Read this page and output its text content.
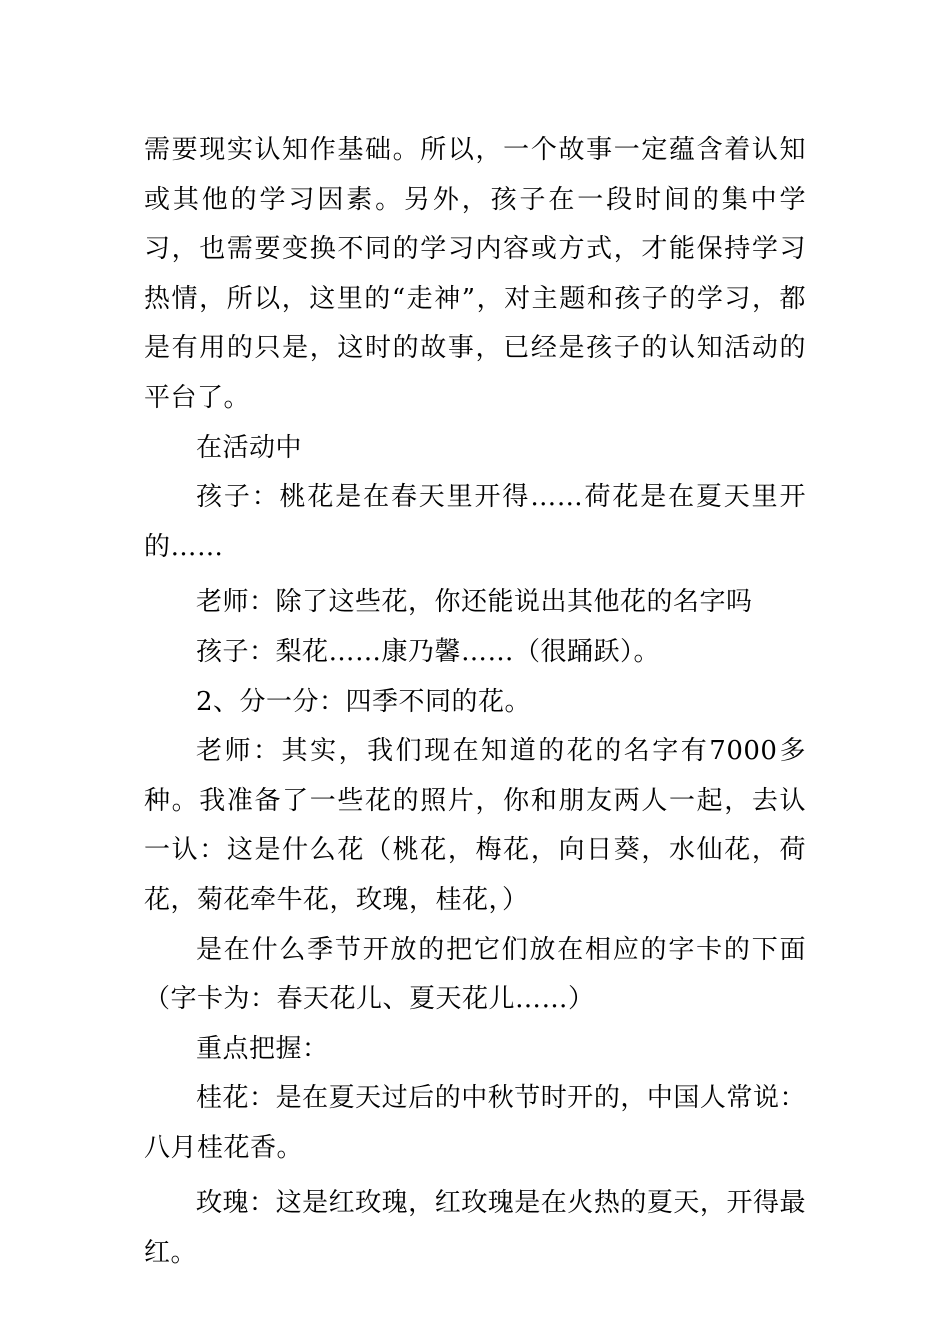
需要现实认知作基础。所以，一个故事一定蕴含着认知或其他的学习因素。另外，孩子在一段时间的集中学习，也需要变换不同的学习内容或方式，才能保持学习热情，所以，这里的“走神”，对主题和孩子的学习，都是有用的只是，这时的故事，已经是孩子的认知活动的平台了。

在活动中

孩子：桃花是在春天里开得……荷花是在夏天里开的……

老师：除了这些花，你还能说出其他花的名字吗

孩子：梨花……康乃馨……（很踊跃）。

2、分一分：四季不同的花。

老师：其实，我们现在知道的花的名字有7000多种。我准备了一些花的照片，你和朋友两人一起，去认一认：这是什么花（桃花，梅花，向日葵，水仙花，荷花，菊花牵牛花，玫瑰，桂花，）

是在什么季节开放的把它们放在相应的字卡的下面（字卡为：春天花儿、夏天花儿……）

重点把握：

桂花：是在夏天过后的中秋节时开的，中国人常说：八月桂花香。

玫瑰：这是红玫瑰，红玫瑰是在火热的夏天，开得最红。
